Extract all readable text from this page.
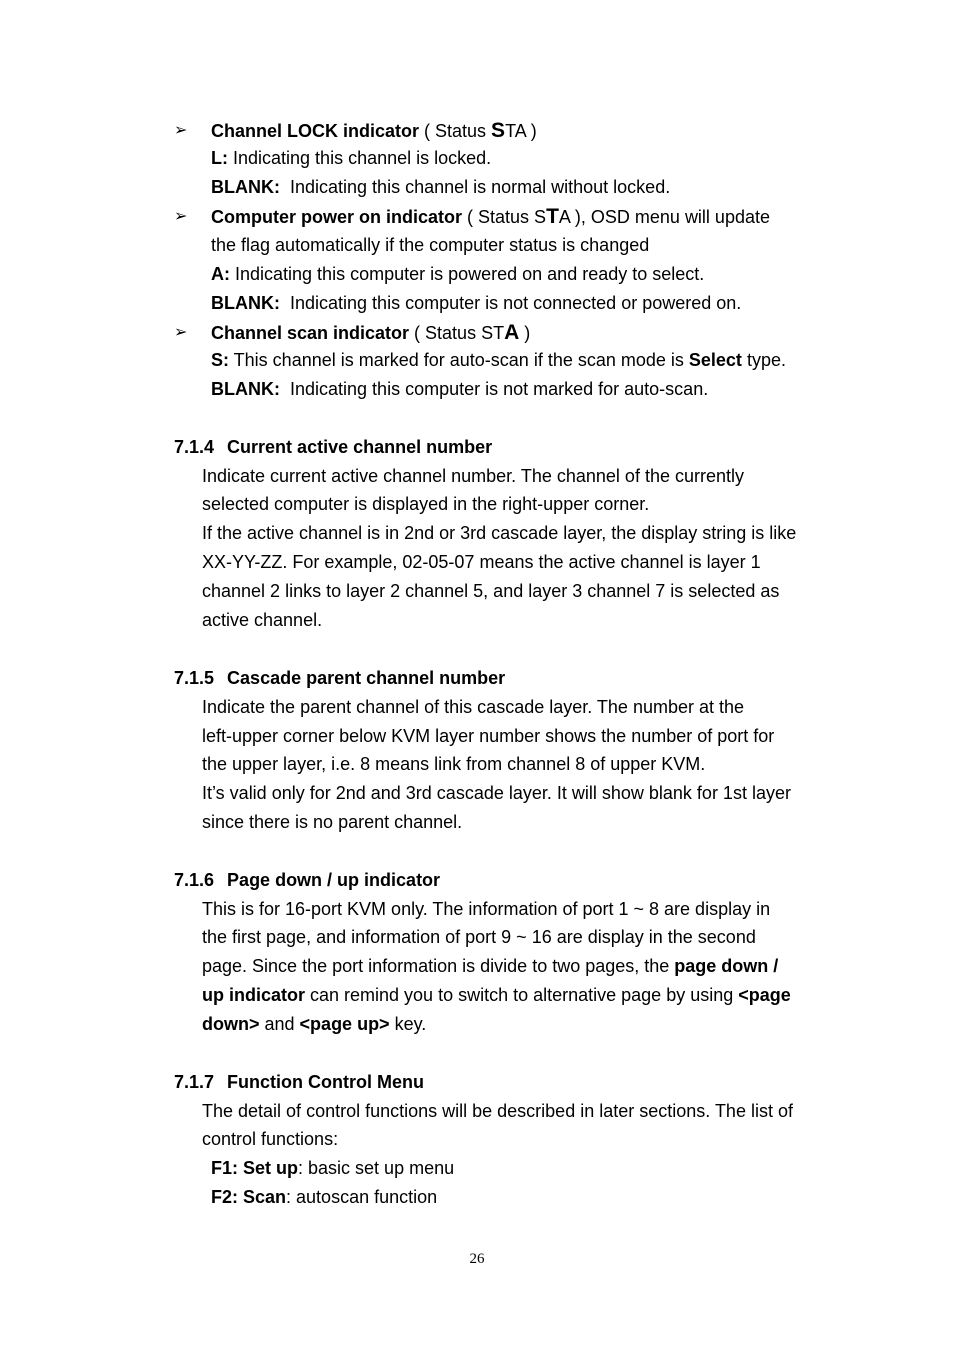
➢ Channel LOCK indicator ( Status STA )
L: Indicating this channel is locked.
BLANK:  Indicating this channel is normal without locked.
➢ Computer power on indicator ( Status STA ), OSD menu will update
the flag automatically if the computer status is changed
A: Indicating this computer is powered on and ready to select.
BLANK:  Indicating this computer is not connected or powered on.
➢ Channel scan indicator ( Status STA )
S: This channel is marked for auto-scan if the scan mode is Select type.
BLANK:  Indicating this computer is not marked for auto-scan.
7.1.4 Current active channel number
Indicate current active channel number. The channel of the currently
selected computer is displayed in the right-upper corner.
If the active channel is in 2nd or 3rd cascade layer, the display string is like
XX-YY-ZZ. For example, 02-05-07 means the active channel is layer 1
channel 2 links to layer 2 channel 5, and layer 3 channel 7 is selected as
active channel.
7.1.5 Cascade parent channel number
Indicate the parent channel of this cascade layer. The number at the
left-upper corner below KVM layer number shows the number of port for
the upper layer, i.e. 8 means link from channel 8 of upper KVM.
It’s valid only for 2nd and 3rd cascade layer. It will show blank for 1st layer
since there is no parent channel.
7.1.6 Page down / up indicator
This is for 16-port KVM only. The information of port 1 ~ 8 are display in
the first page, and information of port 9 ~ 16 are display in the second
page. Since the port information is divide to two pages, the page down /
up indicator can remind you to switch to alternative page by using <page
down> and <page up> key.
7.1.7 Function Control Menu
The detail of control functions will be described in later sections. The list of
control functions:
F1: Set up: basic set up menu
F2: Scan: autoscan function
26
